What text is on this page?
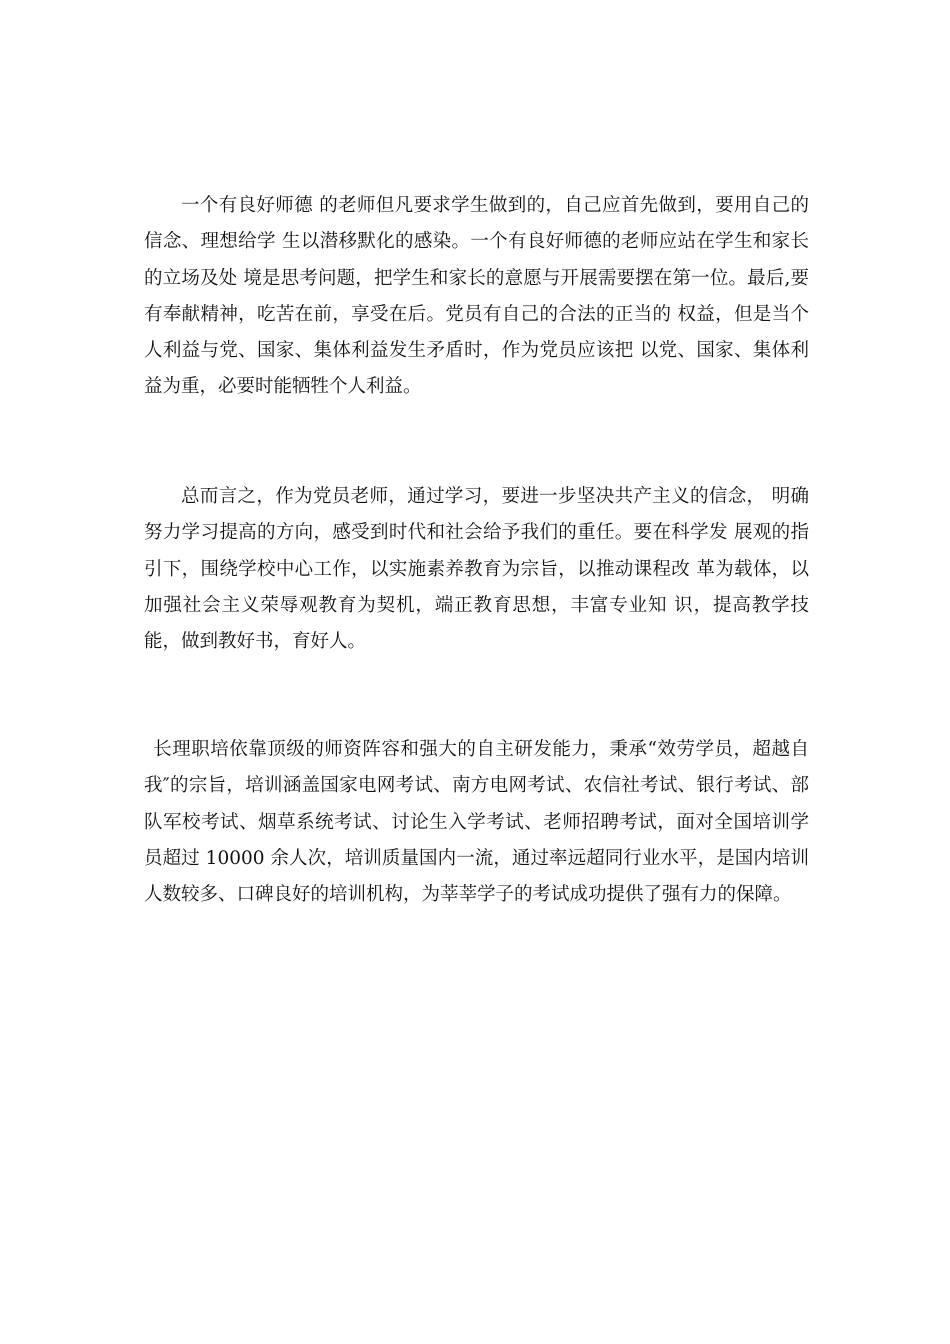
一个有良好师德 的老师但凡要求学生做到的，自己应首先做到，要用自己的信念、理想给学 生以潜移默化的感染。一个有良好师德的老师应站在学生和家长的立场及处 境是思考问题，把学生和家长的意愿与开展需要摆在第一位。最后,要有奉献精神，吃苦在前，享受在后。党员有自己的合法的正当的 权益，但是当个人利益与党、国家、集体利益发生矛盾时，作为党员应该把 以党、国家、集体利益为重，必要时能牺牲个人利益。

总而言之，作为党员老师，通过学习，要进一步坚决共产主义的信念， 明确努力学习提高的方向，感受到时代和社会给予我们的重任。要在科学发 展观的指引下，围绕学校中心工作，以实施素养教育为宗旨，以推动课程改 革为载体，以加强社会主义荣辱观教育为契机，端正教育思想，丰富专业知 识，提高教学技能，做到教好书，育好人。

长理职培依靠顶级的师资阵容和强大的自主研发能力，秉承“效劳学员，超越自我″的宗旨，培训涵盖国家电网考试、南方电网考试、农信社考试、银行考试、部队军校考试、烟草系统考试、讨论生入学考试、老师招聘考试，面对全国培训学员超过 10000 余人次，培训质量国内一流，通过率远超同行业水平，是国内培训人数较多、口碑良好的培训机构，为莘莘学子的考试成功提供了强有力的保障。
